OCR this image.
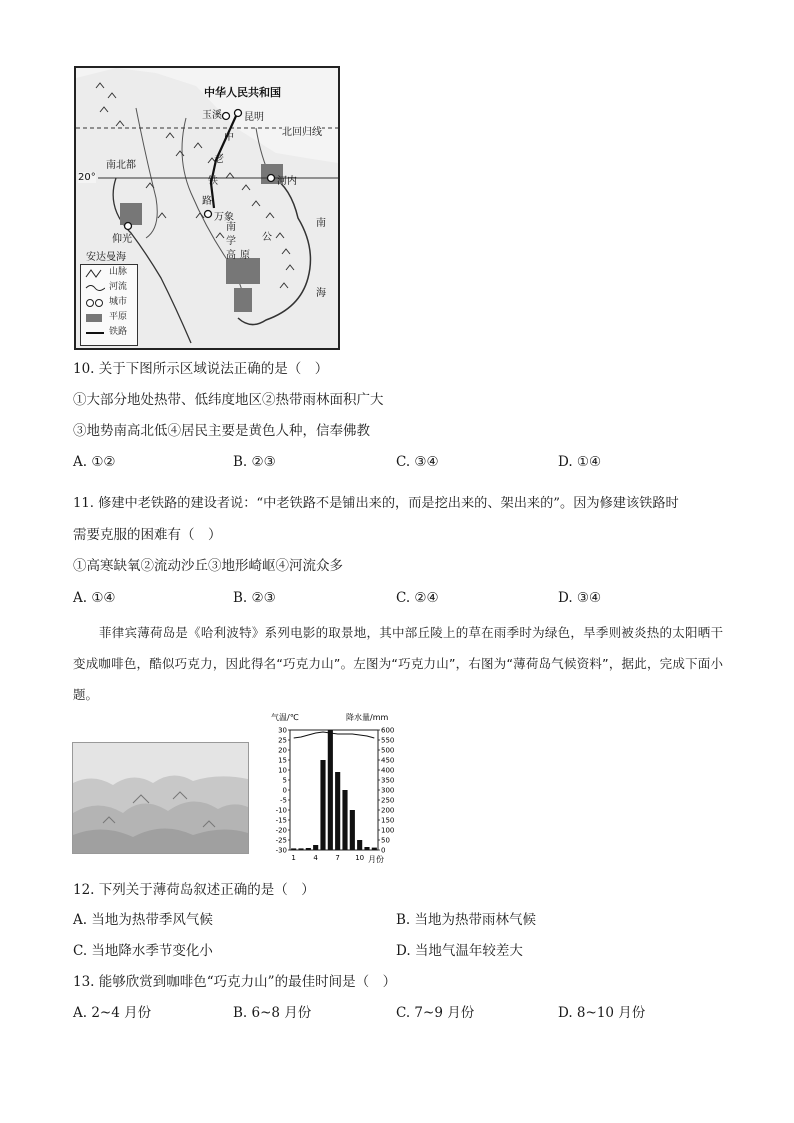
中华人民共和国
玉溪 昆明
北回归线
20°
南北都
河内
仰光
万象
中
老
铁
路
南
海
安达曼海
南
学
高 原
公
山脉
河流
城市
平原
铁路
10. 关于下图所示区域说法正确的是（　）
①大部分地处热带、低纬度地区②热带雨林面积广大
③地势南高北低④居民主要是黄色人种，信奉佛教
A. ①②	B. ②③	C. ③④	D. ①④
11. 修建中老铁路的建设者说：“中老铁路不是铺出来的，而是挖出来的、架出来的”。因为修建该铁路时
需要克服的困难有（　）
①高寒缺氧②流动沙丘③地形崎岖④河流众多
A. ①④	B. ②③	C. ②④	D. ③④
菲律宾薄荷岛是《哈利波特》系列电影的取景地，其中部丘陵上的草在雨季时为绿色，旱季则被炎热的太阳晒干变成咖啡色，酷似巧克力，因此得名“巧克力山”。左图为“巧克力山”，右图为“薄荷岛气候资料”，据此，完成下面小题。
气温/℃	降水量/mm
30
25
20
15
10
5
0
-5
-10
-15
-20
-25
-30
600
550
500
450
400
350
300
250
200
150
100
50
0
1	4	7 10 月份
12. 下列关于薄荷岛叙述正确的是（　）
A. 当地为热带季风气候	B. 当地为热带雨林气候
C. 当地降水季节变化小	D. 当地气温年较差大
13. 能够欣赏到咖啡色“巧克力山”的最佳时间是（　）
A. 2~4 月份	B. 6~8 月份	C. 7~9 月份	D. 8~10 月份
